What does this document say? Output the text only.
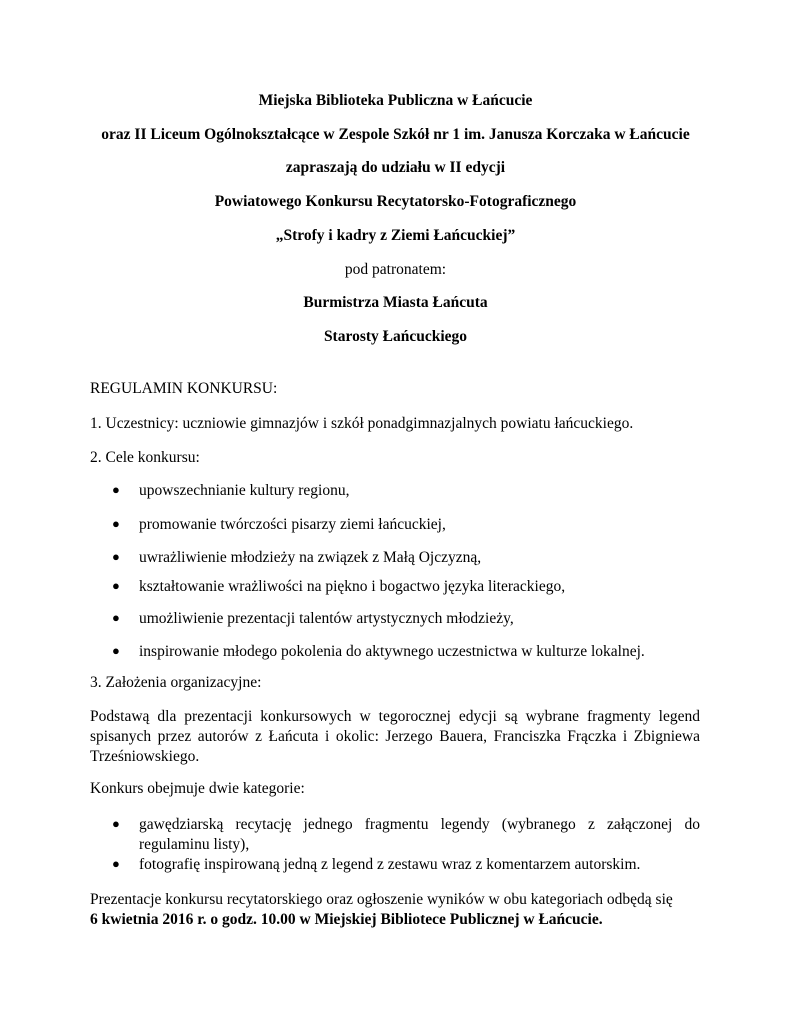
Miejska Biblioteka Publiczna w Łańcucie
oraz II Liceum Ogólnokształcące w Zespole Szkół nr 1 im. Janusza Korczaka w Łańcucie
zapraszają do udziału w II edycji
Powiatowego Konkursu Recytatorsko-Fotograficznego
„Strofy i kadry z Ziemi Łańcuckiej”
pod patronatem:
Burmistrza Miasta Łańcuta
Starosty Łańcuckiego
REGULAMIN KONKURSU:
1. Uczestnicy: uczniowie gimnazjów i szkół ponadgimnazjalnych powiatu łańcuckiego.
2. Cele konkursu:
● upowszechnianie kultury regionu,
● promowanie twórczości pisarzy ziemi łańcuckiej,
● uwrażliwienie młodzieży na związek z Małą Ojczyzną,
● kształtowanie wrażliwości na piękno i bogactwo języka literackiego,
● umożliwienie prezentacji talentów artystycznych młodzieży,
● inspirowanie młodego pokolenia do aktywnego uczestnictwa w kulturze lokalnej.
3. Założenia organizacyjne:
Podstawą dla prezentacji konkursowych w tegorocznej edycji są wybrane fragmenty legend spisanych przez autorów z Łańcuta i okolic: Jerzego Bauera, Franciszka Frączka i Zbigniewa Trześniowskiego.
Konkurs obejmuje dwie kategorie:
● gawędziarską recytację jednego fragmentu legendy (wybranego z załączonej do regulaminu listy),
● fotografię inspirowaną jedną z legend z zestawu wraz z komentarzem autorskim.
Prezentacje konkursu recytatorskiego oraz ogłoszenie wyników w obu kategoriach odbędą się
6 kwietnia 2016 r. o godz. 10.00 w Miejskiej Bibliotece Publicznej w Łańcucie.
